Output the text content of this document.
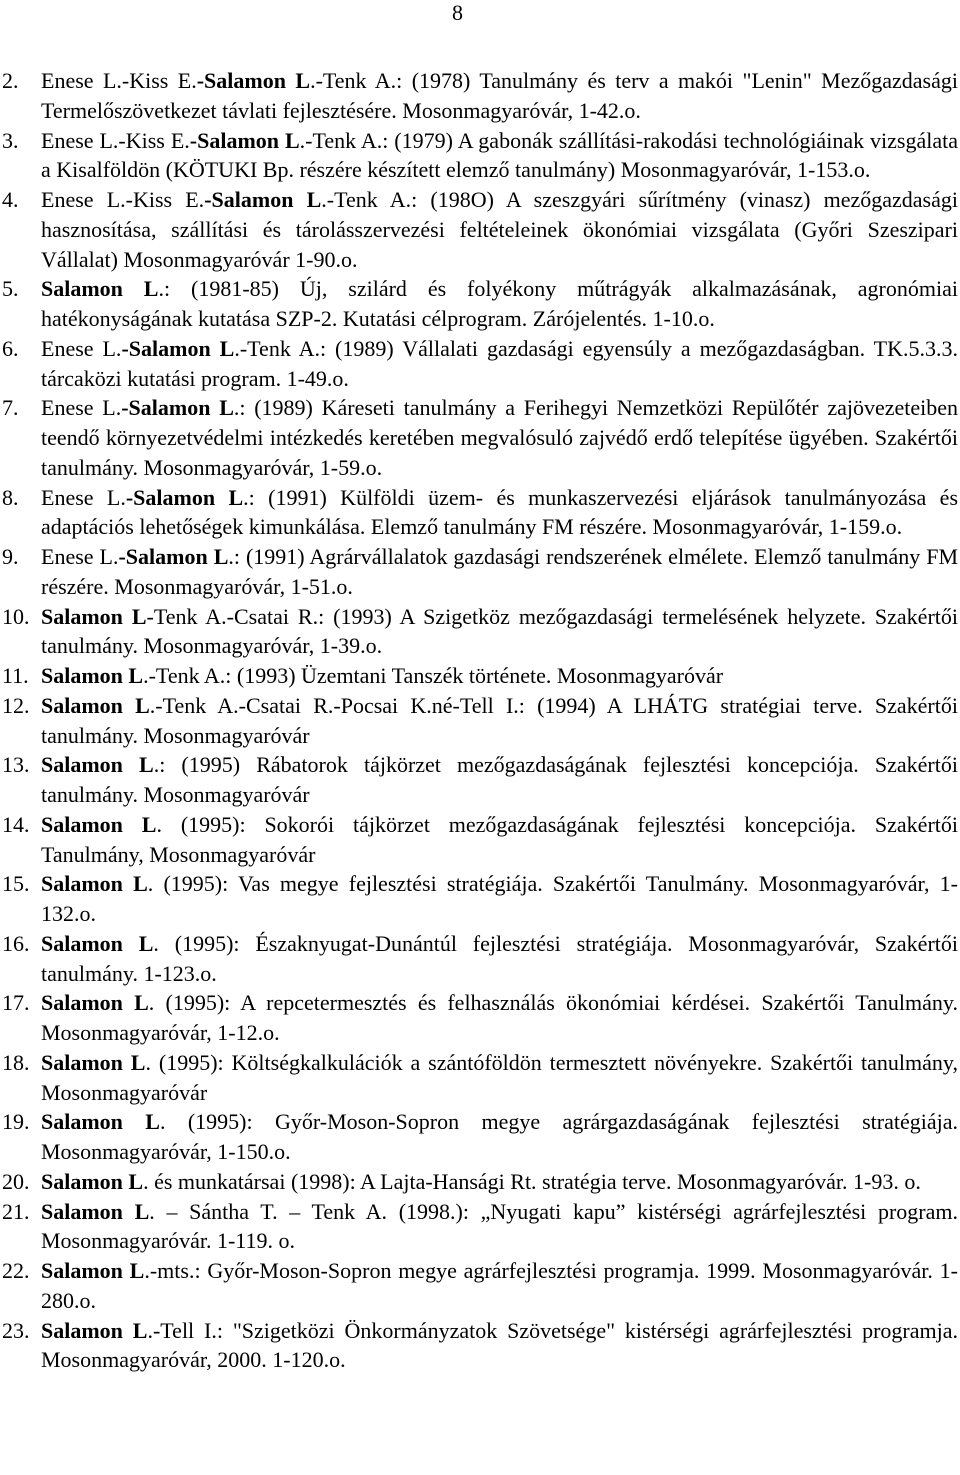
8
2. Enese L.-Kiss E.-Salamon L.-Tenk A.: (1978) Tanulmány és terv a makói "Lenin" Mezőgazdasági Termelőszövetkezet távlati fejlesztésére. Mosonmagyaróvár, 1-42.o.
3. Enese L.-Kiss E.-Salamon L.-Tenk A.: (1979) A gabonák szállítási-rakodási technológiáinak vizsgálata a Kisalföldön (KÖTUKI Bp. részére készített elemző tanulmány) Mosonmagyaróvár, 1-153.o.
4. Enese L.-Kiss E.-Salamon L.-Tenk A.: (198O) A szeszgyári sűrítmény (vinasz) mezőgazdasági hasznosítása, szállítási és tárolásszervezési feltételeinek ökonómiai vizsgálata (Győri Szeszipari Vállalat) Mosonmagyaróvár 1-90.o.
5. Salamon L.: (1981-85) Új, szilárd és folyékony műtrágyák alkalmazásának, agronómiai hatékonyságának kutatása SZP-2. Kutatási célprogram. Zárójelentés. 1-10.o.
6. Enese L.-Salamon L.-Tenk A.: (1989) Vállalati gazdasági egyensúly a mezőgazdaságban. TK.5.3.3. tárcaközi kutatási program. 1-49.o.
7. Enese L.-Salamon L.: (1989) Káreseti tanulmány a Ferihegyi Nemzetközi Repülőtér zajövezeteiben teendő környezetvédelmi intézkedés keretében megvalósuló zajvédő erdő telepítése ügyében. Szakértői tanulmány. Mosonmagyaróvár, 1-59.o.
8. Enese L.-Salamon L.: (1991) Külföldi üzem- és munkaszervezési eljárások tanulmányozása és adaptációs lehetőségek kimunkálása. Elemző tanulmány FM részére. Mosonmagyaróvár, 1-159.o.
9. Enese L.-Salamon L.: (1991) Agrárvállalatok gazdasági rendszerének elmélete. Elemző tanulmány FM részére. Mosonmagyaróvár, 1-51.o.
10. Salamon L-Tenk A.-Csatai R.: (1993) A Szigetköz mezőgazdasági termelésének helyzete. Szakértői tanulmány. Mosonmagyaróvár, 1-39.o.
11. Salamon L.-Tenk A.: (1993) Üzemtani Tanszék története. Mosonmagyaróvár
12. Salamon L.-Tenk A.-Csatai R.-Pocsai K.né-Tell I.: (1994) A LHÁTG stratégiai terve. Szakértői tanulmány. Mosonmagyaróvár
13. Salamon L.: (1995) Rábatorok tájkörzet mezőgazdaságának fejlesztési koncepciója. Szakértői tanulmány. Mosonmagyaróvár
14. Salamon L. (1995): Sokorói tájkörzet mezőgazdaságának fejlesztési koncepciója. Szakértői Tanulmány, Mosonmagyaróvár
15. Salamon L. (1995): Vas megye fejlesztési stratégiája. Szakértői Tanulmány. Mosonmagyaróvár, 1-132.o.
16. Salamon L. (1995): Északnyugat-Dunántúl fejlesztési stratégiája. Mosonmagyaróvár, Szakértői tanulmány. 1-123.o.
17. Salamon L. (1995): A repcetermesztés és felhasználás ökonómiai kérdései. Szakértői Tanulmány. Mosonmagyaróvár, 1-12.o.
18. Salamon L. (1995): Költségkalkulációk a szántóföldön termesztett növényekre. Szakértői tanulmány, Mosonmagyaróvár
19. Salamon L. (1995): Győr-Moson-Sopron megye agrárgazdaságának fejlesztési stratégiája. Mosonmagyaróvár, 1-150.o.
20. Salamon L. és munkatársai (1998): A Lajta-Hansági Rt. stratégia terve. Mosonmagyaróvár. 1-93. o.
21. Salamon L. – Sántha T. – Tenk A. (1998.): „Nyugati kapu” kistérségi agrárfejlesztési program. Mosonmagyaróvár. 1-119. o.
22. Salamon L.-mts.: Győr-Moson-Sopron megye agrárfejlesztési programja. 1999. Mosonmagyaróvár. 1-280.o.
23. Salamon L.-Tell I.: "Szigetközi Önkormányzatok Szövetsége" kistérségi agrárfejlesztési programja. Mosonmagyaróvár, 2000. 1-120.o.
